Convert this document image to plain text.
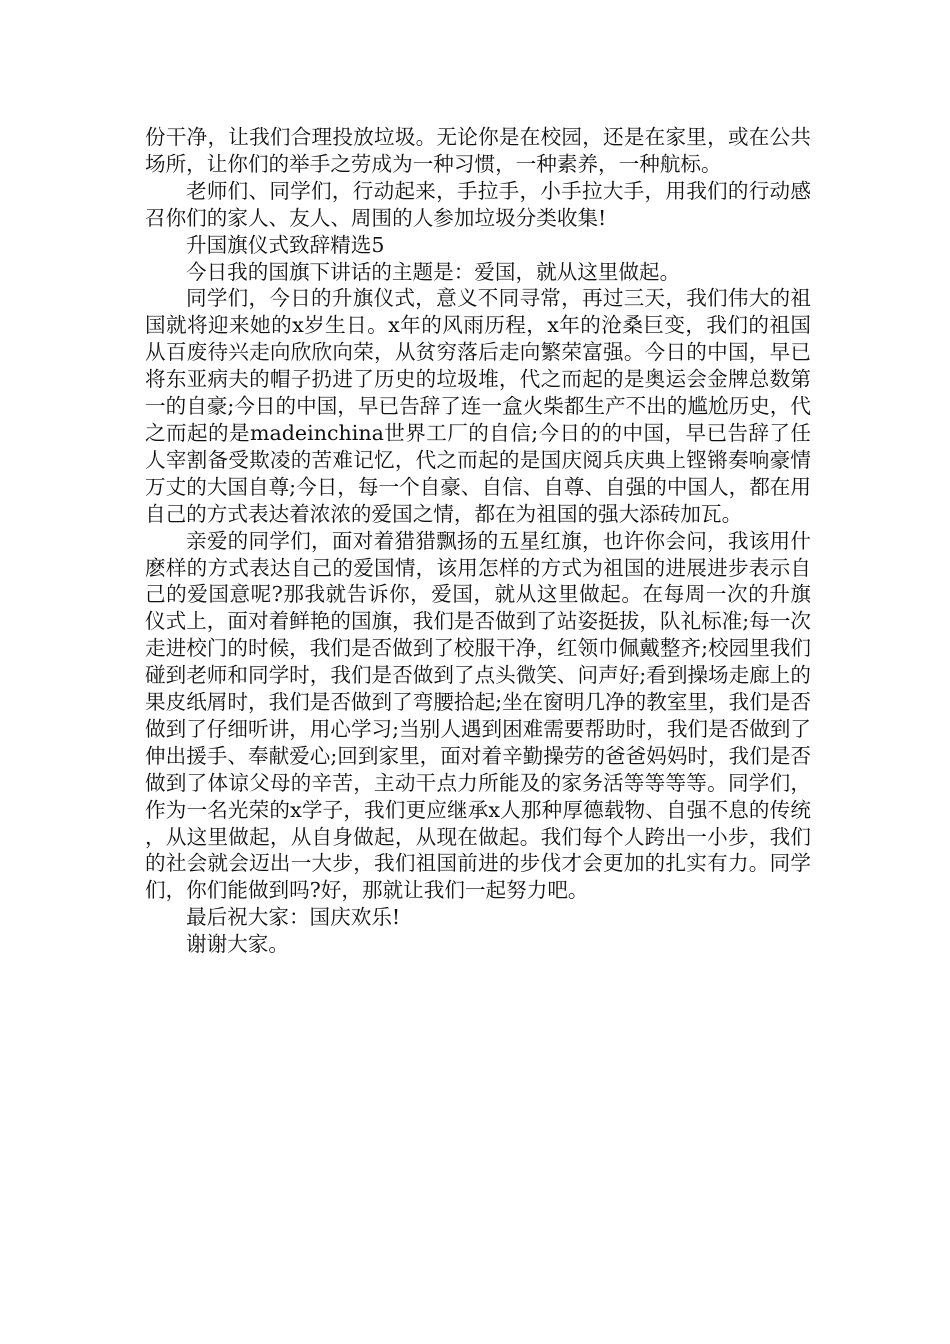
份干净，让我们合理投放垃圾。无论你是在校园，还是在家里，或在公共场所，让你们的举手之劳成为一种习惯，一种素养，一种航标。

老师们、同学们，行动起来，手拉手，小手拉大手，用我们的行动感召你们的家人、友人、周围的人参加垃圾分类收集!

升国旗仪式致辞精选5

今日我的国旗下讲话的主题是：爱国，就从这里做起。

同学们，今日的升旗仪式，意义不同寻常，再过三天，我们伟大的祖国就将迎来她的x岁生日。x年的风雨历程，x年的沧桑巨变，我们的祖国从百废待兴走向欣欣向荣，从贫穷落后走向繁荣富强。今日的中国，早已将东亚病夫的帽子扔进了历史的垃圾堆，代之而起的是奥运会金牌总数第一的自豪;今日的中国，早已告辞了连一盒火柴都生产不出的尴尬历史，代之而起的是madeinchina世界工厂的自信;今日的的中国，早已告辞了任人宰割备受欺凌的苦难记忆，代之而起的是国庆阅兵庆典上铿锵奏响豪情万丈的大国自尊;今日，每一个自豪、自信、自尊、自强的中国人，都在用自己的方式表达着浓浓的爱国之情，都在为祖国的强大添砖加瓦。

亲爱的同学们，面对着猎猎飘扬的五星红旗，也许你会问，我该用什麽样的方式表达自己的爱国情，该用怎样的方式为祖国的进展进步表示自己的爱国意呢?那我就告诉你，爱国，就从这里做起。在每周一次的升旗仪式上，面对着鲜艳的国旗，我们是否做到了站姿挺拔，队礼标准;每一次走进校门的时候，我们是否做到了校服干净，红领巾佩戴整齐;校园里我们碰到老师和同学时，我们是否做到了点头微笑、问声好;看到操场走廊上的果皮纸屑时，我们是否做到了弯腰拾起;坐在窗明几净的教室里，我们是否做到了仔细听讲，用心学习;当别人遇到困难需要帮助时，我们是否做到了伸出援手、奉献爱心;回到家里，面对着辛勤操劳的爸爸妈妈时，我们是否做到了体谅父母的辛苦，主动干点力所能及的家务活等等等等。同学们，作为一名光荣的x学子，我们更应继承x人那种厚德载物、自强不息的传统，从这里做起，从自身做起，从现在做起。我们每个人跨出一小步，我们的社会就会迈出一大步，我们祖国前进的步伐才会更加的扎实有力。同学们，你们能做到吗?好，那就让我们一起努力吧。

最后祝大家：国庆欢乐!

谢谢大家。
